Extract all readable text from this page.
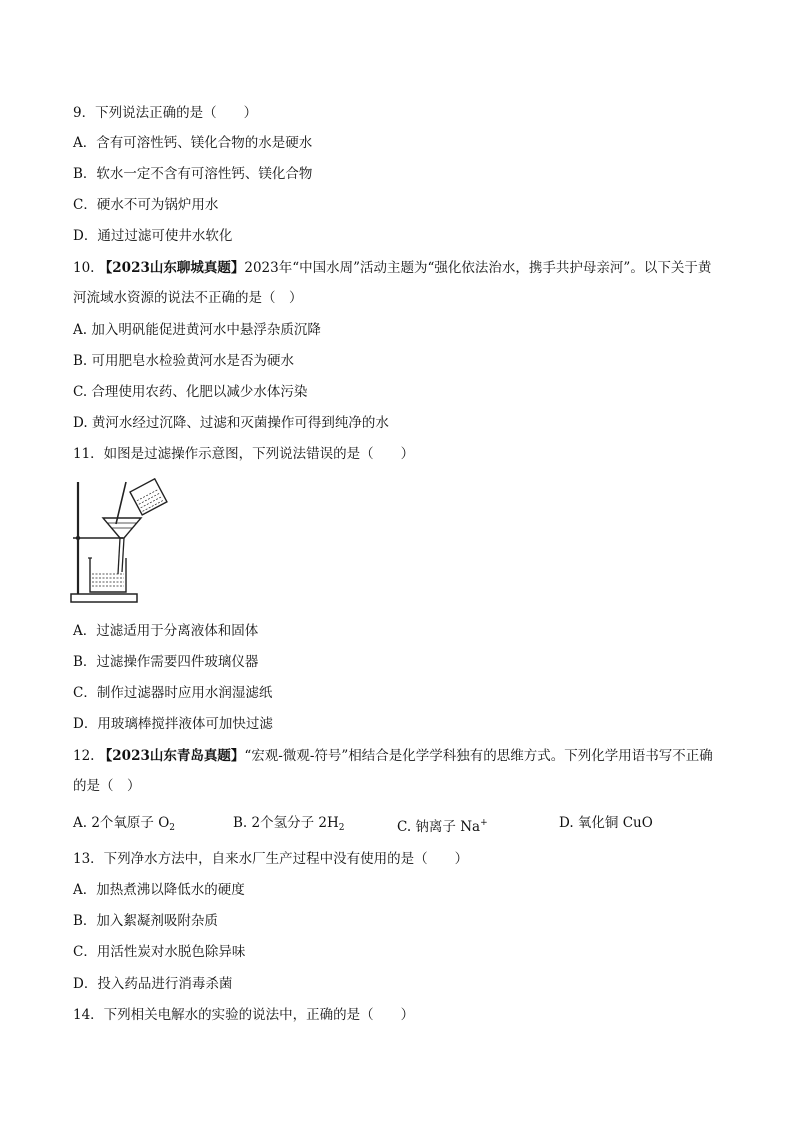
9．下列说法正确的是（　　）
A．含有可溶性钙、镁化合物的水是硬水
B．软水一定不含有可溶性钙、镁化合物
C．硬水不可为锅炉用水
D．通过过滤可使井水软化
10. 【2023山东聊城真题】2023年“中国水周”活动主题为“强化依法治水，携手共护母亲河”。以下关于黄
河流域水资源的说法不正确的是（　）
A. 加入明矾能促进黄河水中悬浮杂质沉降
B. 可用肥皂水检验黄河水是否为硬水
C. 合理使用农药、化肥以减少水体污染
D. 黄河水经过沉降、过滤和灭菌操作可得到纯净的水
11．如图是过滤操作示意图，下列说法错误的是（　　）
A．过滤适用于分离液体和固体
B．过滤操作需要四件玻璃仪器
C．制作过滤器时应用水润湿滤纸
D．用玻璃棒搅拌液体可加快过滤
12. 【2023山东青岛真题】“宏观-微观-符号”相结合是化学学科独有的思维方式。下列化学用语书写不正确
的是（　）
A. 2个氧原子 $O_2$	B. 2个氢分子 $2H_2$	C. 钠离子 Na+	D. 氧化铜 CuO
13．下列净水方法中，自来水厂生产过程中没有使用的是（　　）
A．加热煮沸以降低水的硬度
B．加入絮凝剂吸附杂质
C．用活性炭对水脱色除异味
D．投入药品进行消毒杀菌
14．下列相关电解水的实验的说法中，正确的是（　　）
